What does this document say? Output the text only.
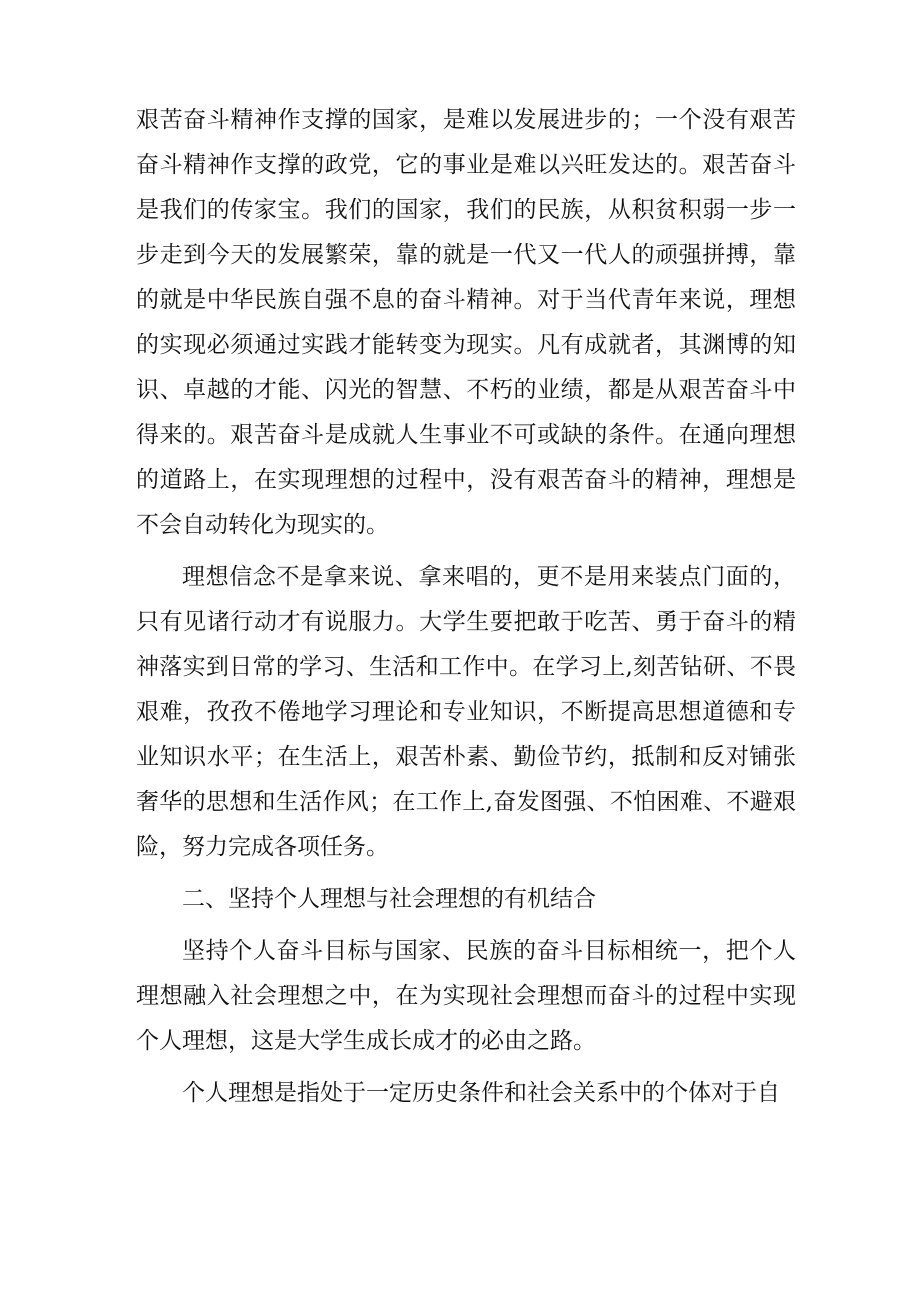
艰苦奋斗精神作支撑的国家，是难以发展进步的；一个没有艰苦奋斗精神作支撑的政党，它的事业是难以兴旺发达的。艰苦奋斗是我们的传家宝。我们的国家，我们的民族，从积贫积弱一步一步走到今天的发展繁荣，靠的就是一代又一代人的顽强拼搏，靠的就是中华民族自强不息的奋斗精神。对于当代青年来说，理想的实现必须通过实践才能转变为现实。凡有成就者，其渊博的知识、卓越的才能、闪光的智慧、不朽的业绩，都是从艰苦奋斗中得来的。艰苦奋斗是成就人生事业不可或缺的条件。在通向理想的道路上，在实现理想的过程中，没有艰苦奋斗的精神，理想是不会自动转化为现实的。

理想信念不是拿来说、拿来唱的，更不是用来装点门面的，只有见诸行动才有说服力。大学生要把敢于吃苦、勇于奋斗的精神落实到日常的学习、生活和工作中。在学习上,刻苦钻研、不畏艰难，孜孜不倦地学习理论和专业知识，不断提高思想道德和专业知识水平；在生活上，艰苦朴素、勤俭节约，抵制和反对铺张奢华的思想和生活作风；在工作上,奋发图强、不怕困难、不避艰险，努力完成各项任务。

二、坚持个人理想与社会理想的有机结合

坚持个人奋斗目标与国家、民族的奋斗目标相统一，把个人理想融入社会理想之中，在为实现社会理想而奋斗的过程中实现个人理想，这是大学生成长成才的必由之路。

个人理想是指处于一定历史条件和社会关系中的个体对于自
